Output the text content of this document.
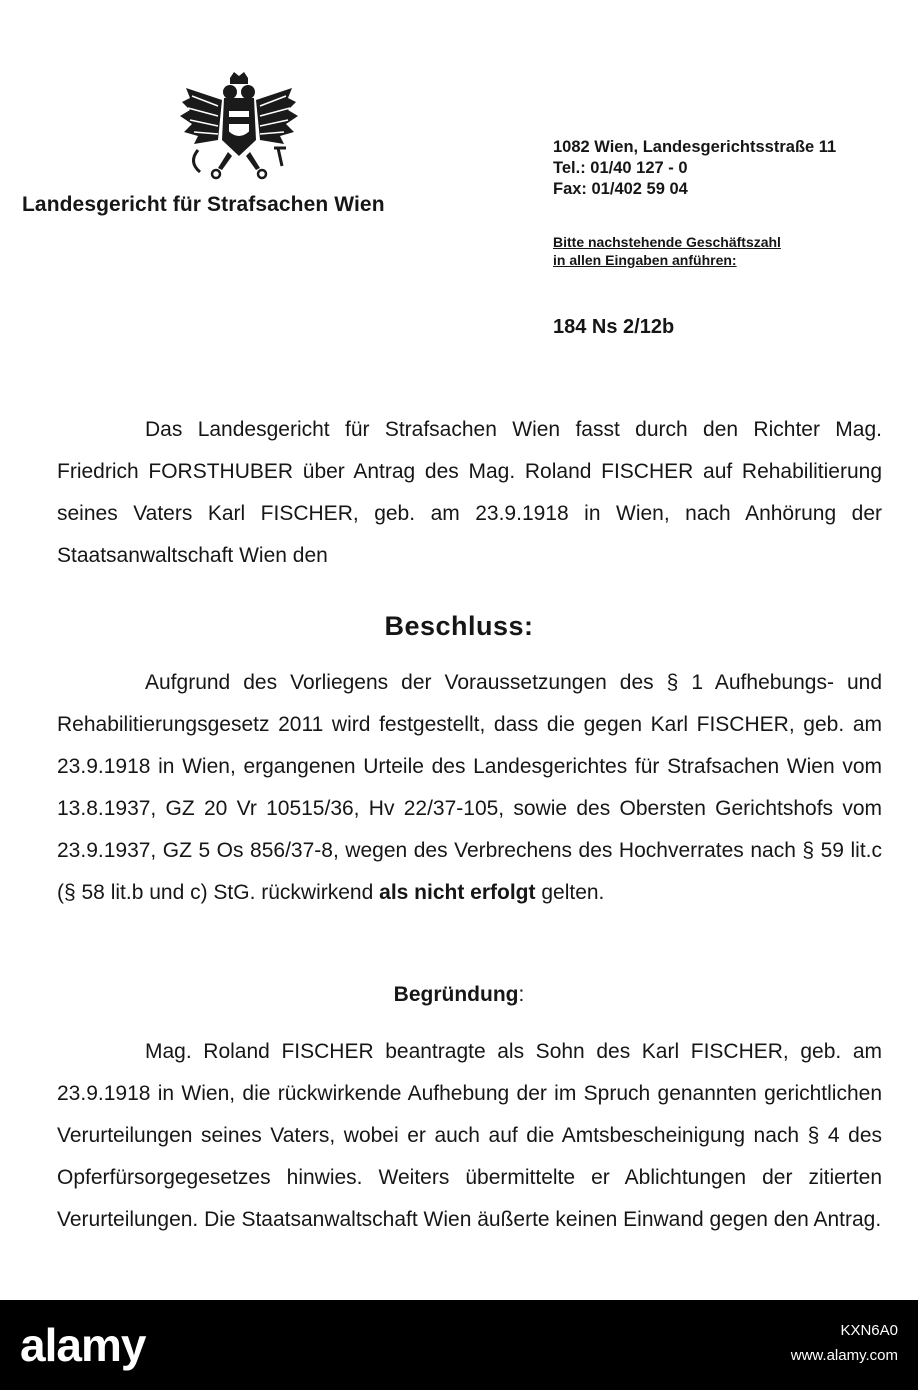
Landesgericht für Strafsachen Wien
1082 Wien, Landesgerichtsstraße 11
Tel.: 01/40 127 - 0
Fax: 01/402 59 04
Bitte nachstehende Geschäftszahl
in allen Eingaben anführen:
184 Ns 2/12b

Das Landesgericht für Strafsachen Wien fasst durch den Richter Mag. Friedrich FORSTHUBER über Antrag des Mag. Roland FISCHER auf Rehabilitierung seines Vaters Karl FISCHER, geb. am 23.9.1918 in Wien, nach Anhörung der Staatsanwaltschaft Wien den

Beschluss:

Aufgrund des Vorliegens der Voraussetzungen des § 1 Aufhebungs- und Rehabilitierungsgesetz 2011 wird festgestellt, dass die gegen Karl FISCHER, geb. am 23.9.1918 in Wien, ergangenen Urteile des Landesgerichtes für Strafsachen Wien vom 13.8.1937, GZ 20 Vr 10515/36, Hv 22/37-105, sowie des Obersten Gerichtshofs vom 23.9.1937, GZ 5 Os 856/37-8, wegen des Verbrechens des Hochverrates nach § 59 lit.c (§ 58 lit.b und c) StG. rückwirkend als nicht erfolgt gelten.

Begründung:

Mag. Roland FISCHER beantragte als Sohn des Karl FISCHER, geb. am 23.9.1918 in Wien, die rückwirkende Aufhebung der im Spruch genannten gerichtlichen Verurteilungen seines Vaters, wobei er auch auf die Amtsbescheinigung nach § 4 des Opferfürsorgegesetzes hinwies. Weiters übermittelte er Ablichtungen der zitierten Verurteilungen. Die Staatsanwaltschaft Wien äußerte keinen Einwand gegen den Antrag.

alamy	KXN6A0
www.alamy.com
